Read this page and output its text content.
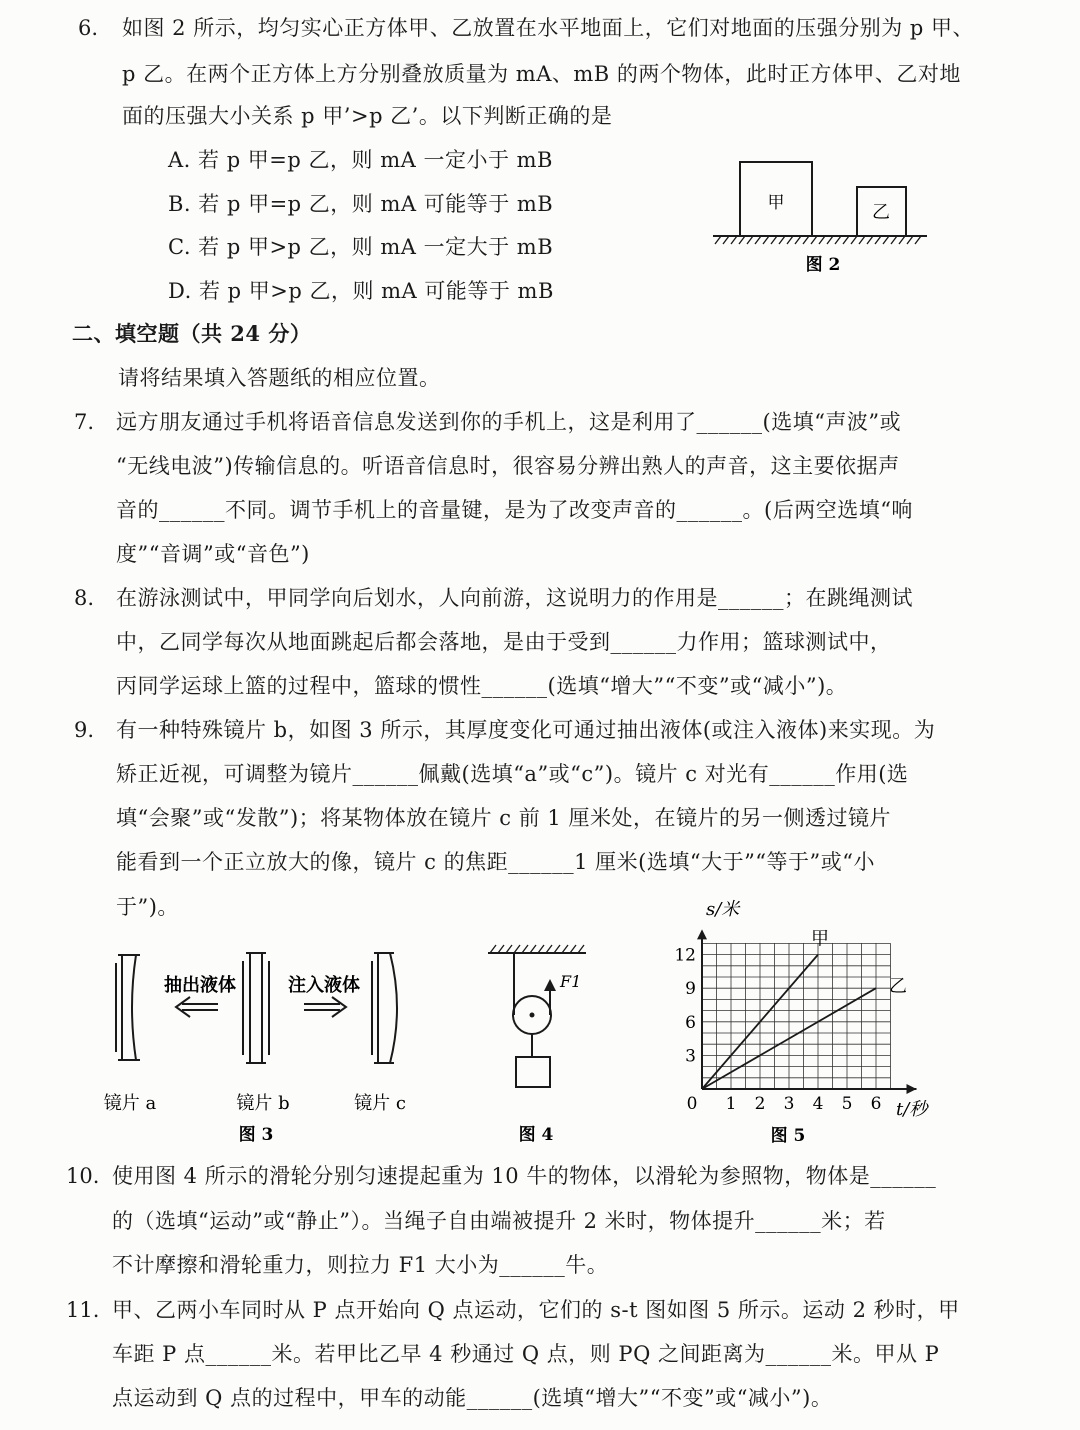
6. 如图 2 所示，均匀实心正方体甲、乙放置在水平地面上，它们对地面的压强分别为 p 甲、
p 乙。在两个正方体上方分别叠放质量为 mA、mB 的两个物体，此时正方体甲、乙对地
面的压强大小关系 p 甲’>p 乙’。以下判断正确的是
A. 若 p 甲=p 乙，则 mA 一定小于 mB
B. 若 p 甲=p 乙，则 mA 可能等于 mB
C. 若 p 甲>p 乙，则 mA 一定大于 mB
D. 若 p 甲>p 乙，则 mA 可能等于 mB
甲	乙
图 2
二、填空题（共 24 分）
请将结果填入答题纸的相应位置。
7. 远方朋友通过手机将语音信息发送到你的手机上，这是利用了______(选填“声波”或
“无线电波”)传输信息的。听语音信息时，很容易分辨出熟人的声音，这主要依据声
音的______不同。调节手机上的音量键，是为了改变声音的______。(后两空选填“响
度”“音调”或“音色”)
8. 在游泳测试中，甲同学向后划水，人向前游，这说明力的作用是______；在跳绳测试
中，乙同学每次从地面跳起后都会落地，是由于受到______力作用；篮球测试中，
丙同学运球上篮的过程中，篮球的惯性______(选填“增大”“不变”或“减小”)。
9. 有一种特殊镜片 b，如图 3 所示，其厚度变化可通过抽出液体(或注入液体)来实现。为
矫正近视，可调整为镜片______佩戴(选填“a”或“c”)。镜片 c 对光有______作用(选
填“会聚”或“发散”)；将某物体放在镜片 c 前 1 厘米处，在镜片的另一侧透过镜片
能看到一个正立放大的像，镜片 c 的焦距______1 厘米(选填“大于”“等于”或“小
于”)。
抽出液体	注入液体
镜片 a	镜片 b	镜片 c
图 3
F1
图 4
0 1 2 3 4 5 6
3
6
9
12
甲
乙
s/米
t/秒
图 5
10. 使用图 4 所示的滑轮分别匀速提起重为 10 牛的物体，以滑轮为参照物，物体是______
的（选填“运动”或“静止”）。当绳子自由端被提升 2 米时，物体提升______米；若
不计摩擦和滑轮重力，则拉力 F1 大小为______牛。
11. 甲、乙两小车同时从 P 点开始向 Q 点运动，它们的 s-t 图如图 5 所示。运动 2 秒时，甲
车距 P 点______米。若甲比乙早 4 秒通过 Q 点，则 PQ 之间距离为______米。甲从 P
点运动到 Q 点的过程中，甲车的动能______(选填“增大”“不变”或“减小”)。
